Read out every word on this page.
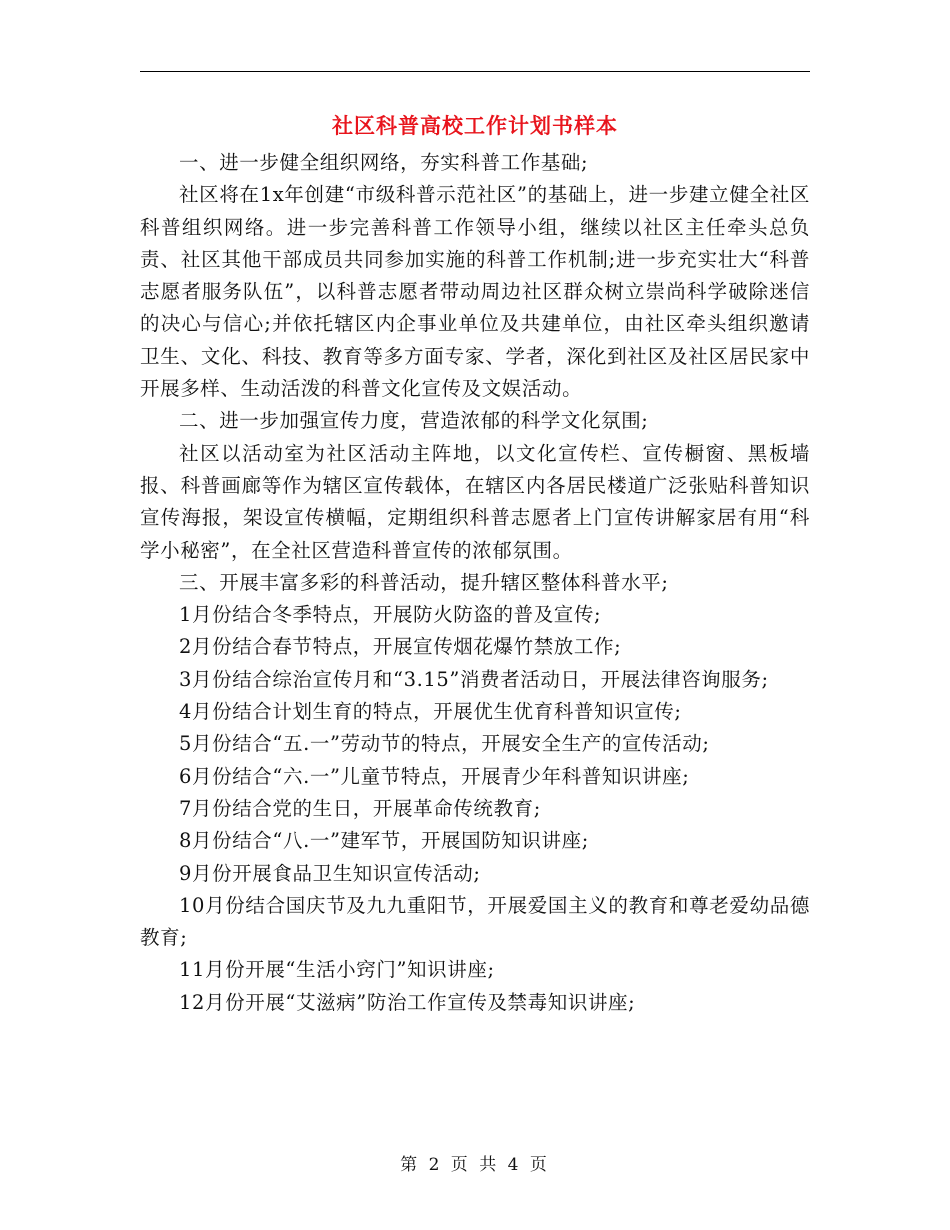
社区科普高校工作计划书样本

一、进一步健全组织网络，夯实科普工作基础;

社区将在1x年创建“市级科普示范社区”的基础上，进一步建立健全社区科普组织网络。进一步完善科普工作领导小组，继续以社区主任牵头总负责、社区其他干部成员共同参加实施的科普工作机制;进一步充实壮大“科普志愿者服务队伍”，以科普志愿者带动周边社区群众树立崇尚科学破除迷信的决心与信心;并依托辖区内企事业单位及共建单位，由社区牵头组织邀请卫生、文化、科技、教育等多方面专家、学者，深化到社区及社区居民家中开展多样、生动活泼的科普文化宣传及文娱活动。

二、进一步加强宣传力度，营造浓郁的科学文化氛围;

社区以活动室为社区活动主阵地，以文化宣传栏、宣传橱窗、黑板墙报、科普画廊等作为辖区宣传载体，在辖区内各居民楼道广泛张贴科普知识宣传海报，架设宣传横幅，定期组织科普志愿者上门宣传讲解家居有用“科学小秘密”，在全社区营造科普宣传的浓郁氛围。

三、开展丰富多彩的科普活动，提升辖区整体科普水平;

1月份结合冬季特点，开展防火防盗的普及宣传;

2月份结合春节特点，开展宣传烟花爆竹禁放工作;

3月份结合综治宣传月和“3.15”消费者活动日，开展法律咨询服务;

4月份结合计划生育的特点，开展优生优育科普知识宣传;

5月份结合“五.一”劳动节的特点，开展安全生产的宣传活动;

6月份结合“六.一”儿童节特点，开展青少年科普知识讲座;

7月份结合党的生日，开展革命传统教育;

8月份结合“八.一”建军节，开展国防知识讲座;

9月份开展食品卫生知识宣传活动;

10月份结合国庆节及九九重阳节，开展爱国主义的教育和尊老爱幼品德教育;

11月份开展“生活小窍门”知识讲座;

12月份开展“艾滋病”防治工作宣传及禁毒知识讲座;

第 2 页 共 4 页
